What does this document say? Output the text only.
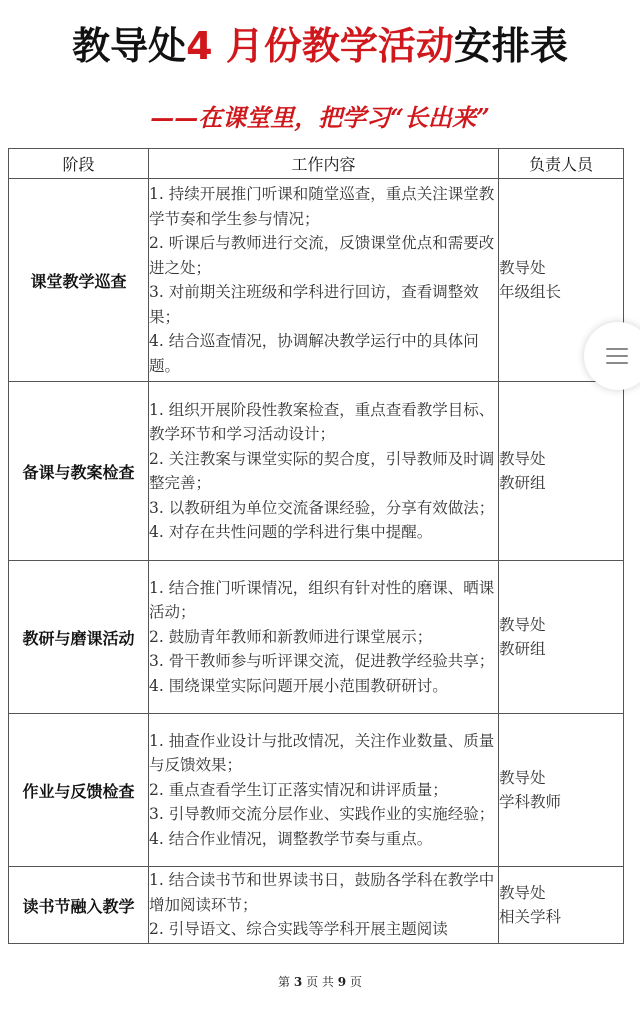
教导处4 月份教学活动安排表
——在课堂里，把学习“长出来”
阶段	工作内容	负责人员
课堂教学巡查	1. 持续开展推门听课和随堂巡查，重点关注课堂教学节奏和学生参与情况；
2. 听课后与教师进行交流，反馈课堂优点和需要改进之处；
3. 对前期关注班级和学科进行回访，查看调整效果；
4. 结合巡查情况，协调解决教学运行中的具体问题。	教导处
年级组长

备课与教案检查	1. 组织开展阶段性教案检查，重点查看教学目标、教学环节和学习活动设计；
2. 关注教案与课堂实际的契合度，引导教师及时调整完善；
3. 以教研组为单位交流备课经验，分享有效做法；
4. 对存在共性问题的学科进行集中提醒。	教导处
教研组

教研与磨课活动	1. 结合推门听课情况，组织有针对性的磨课、晒课活动；
2. 鼓励青年教师和新教师进行课堂展示；
3. 骨干教师参与听评课交流，促进教学经验共享；
4. 围绕课堂实际问题开展小范围教研研讨。	教导处
教研组

作业与反馈检查	1. 抽查作业设计与批改情况，关注作业数量、质量与反馈效果；
2. 重点查看学生订正落实情况和讲评质量；
3. 引导教师交流分层作业、实践作业的实施经验；
4. 结合作业情况，调整教学节奏与重点。	教导处
学科教师

读书节融入教学	1. 结合读书节和世界读书日，鼓励各学科在教学中增加阅读环节；
2. 引导语文、综合实践等学科开展主题阅读	教导处
相关学科
第 3 页 共 9 页
